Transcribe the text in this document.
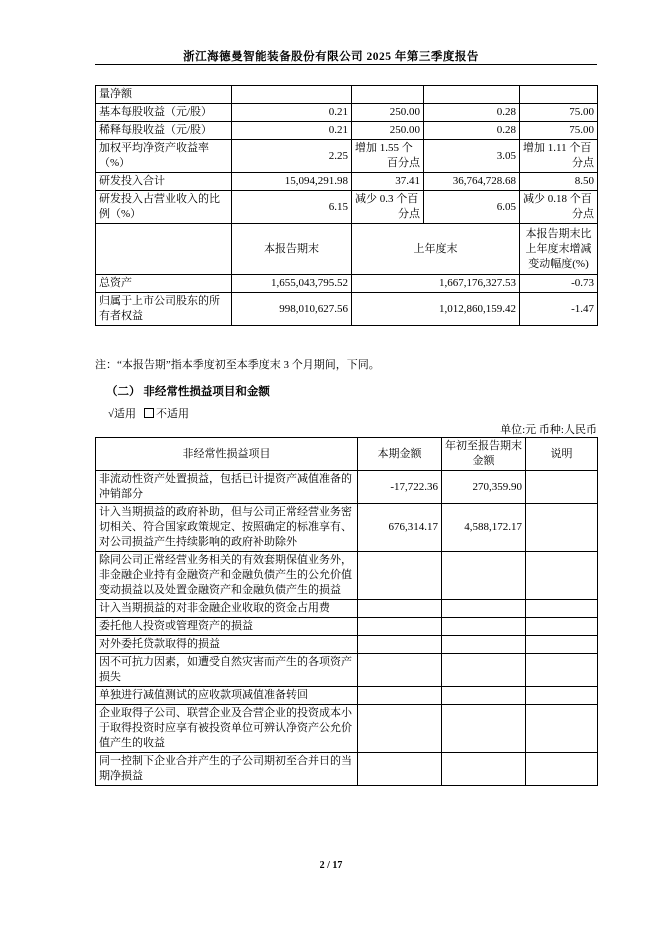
浙江海德曼智能装备股份有限公司 2025 年第三季度报告
量净额				
基本每股收益（元/股）	0.21	250.00	0.28	75.00
稀释每股收益（元/股）	0.21	250.00	0.28	75.00
加权平均净资产收益率（%）	2.25	增加 1.55 个百分点	3.05	增加 1.11 个百分点
研发投入合计	15,094,291.98	37.41	36,764,728.68	8.50
研发投入占营业收入的比例（%）	6.15	减少 0.3 个百分点	6.05	减少 0.18 个百分点
	本报告期末	上年度末		本报告期末比上年度末增减变动幅度(%)
总资产	1,655,043,795.52	1,667,176,327.53		-0.73
归属于上市公司股东的所有者权益	998,010,627.56	1,012,860,159.42		-1.47
注：“本报告期”指本季度初至本季度末 3 个月期间，下同。
（二） 非经常性损益项目和金额
√适用 不适用
单位:元 币种:人民币
非经常性损益项目	本期金额	年初至报告期末金额	说明
非流动性资产处置损益，包括已计提资产减值准备的冲销部分	-17,722.36	270,359.90	
计入当期损益的政府补助，但与公司正常经营业务密切相关、符合国家政策规定、按照确定的标准享有、对公司损益产生持续影响的政府补助除外	676,314.17	4,588,172.17	
除同公司正常经营业务相关的有效套期保值业务外，非金融企业持有金融资产和金融负债产生的公允价值变动损益以及处置金融资产和金融负债产生的损益			
计入当期损益的对非金融企业收取的资金占用费			
委托他人投资或管理资产的损益			
对外委托贷款取得的损益			
因不可抗力因素，如遭受自然灾害而产生的各项资产损失			
单独进行减值测试的应收款项减值准备转回			
企业取得子公司、联营企业及合营企业的投资成本小于取得投资时应享有被投资单位可辨认净资产公允价值产生的收益			
同一控制下企业合并产生的子公司期初至合并日的当期净损益			
2 / 17
